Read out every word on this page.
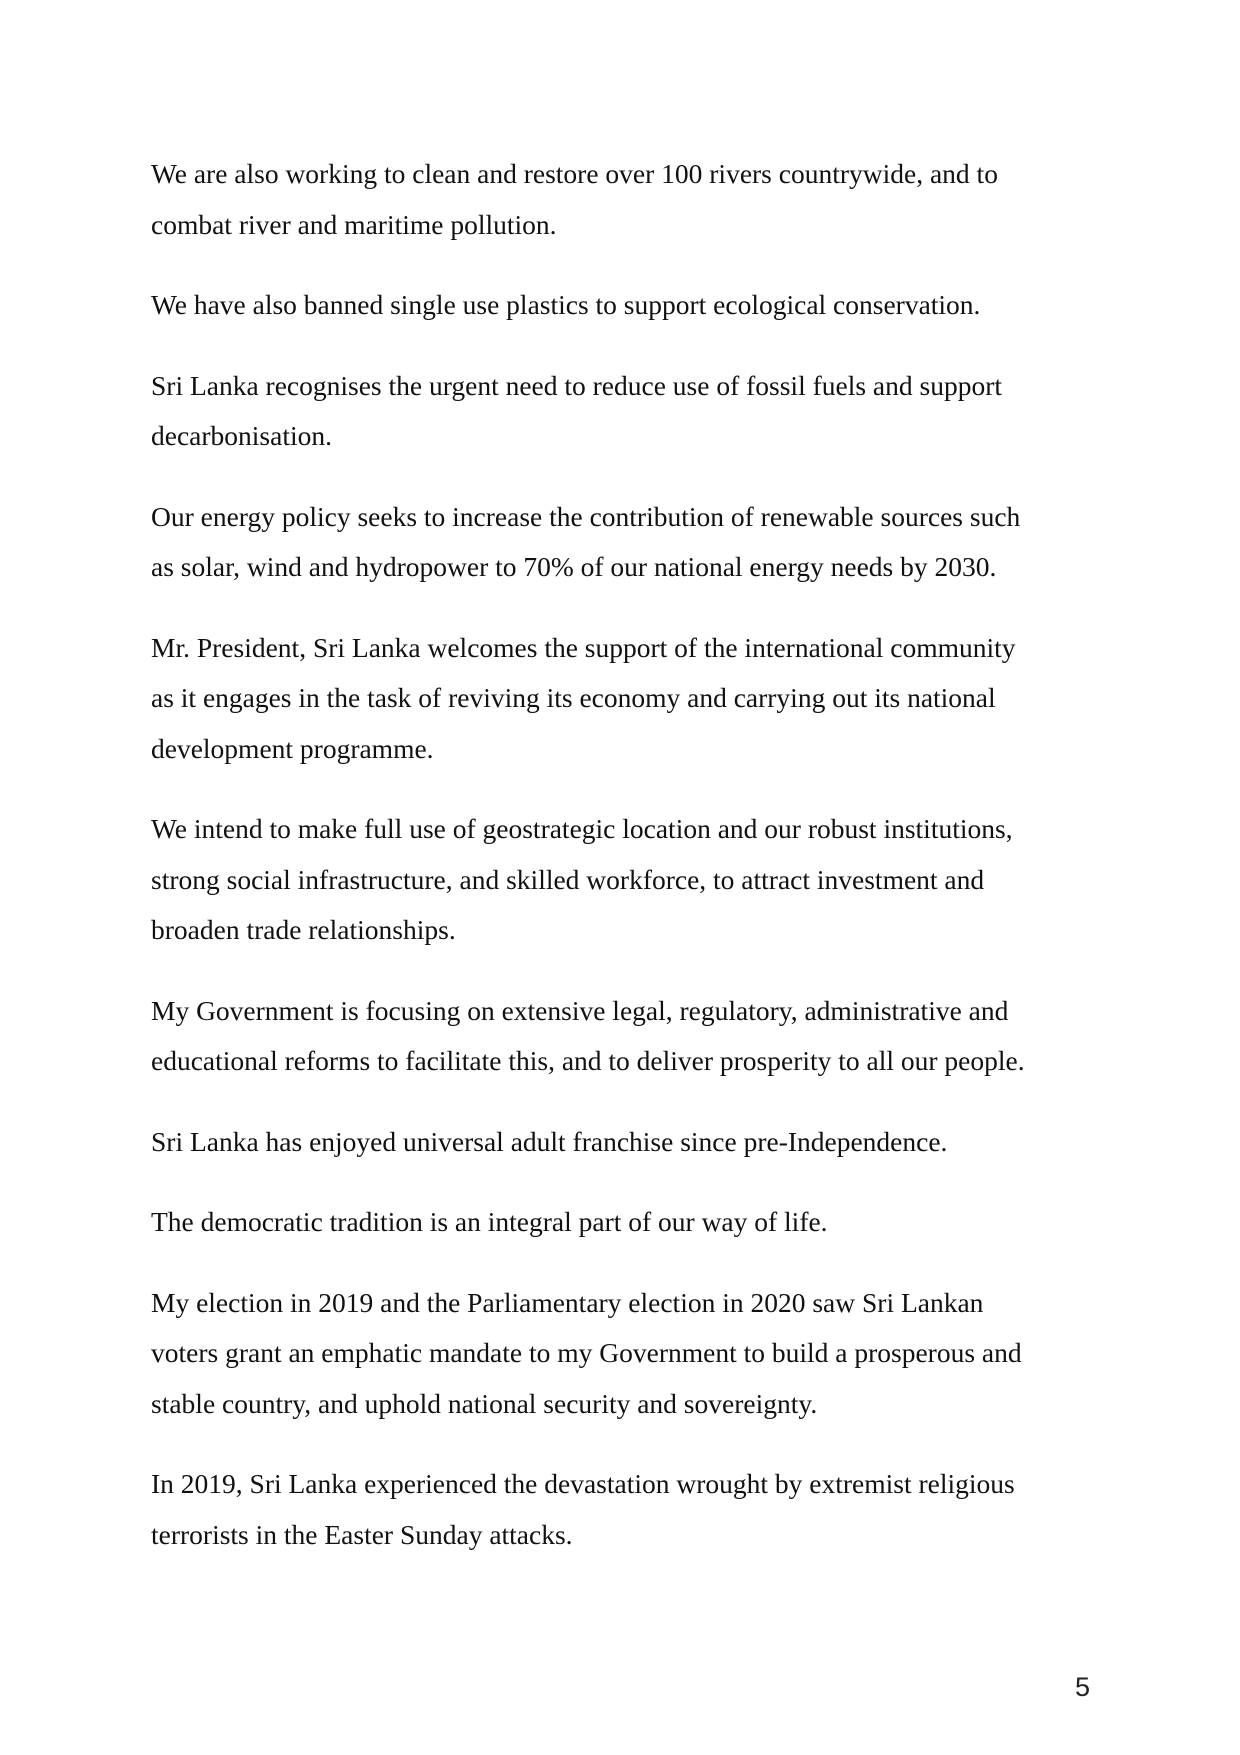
We are also working to clean and restore over 100 rivers countrywide, and to
combat river and maritime pollution.

We have also banned single use plastics to support ecological conservation.

Sri Lanka recognises the urgent need to reduce use of fossil fuels and support
decarbonisation.

Our energy policy seeks to increase the contribution of renewable sources such
as solar, wind and hydropower to 70% of our national energy needs by 2030.

Mr. President, Sri Lanka welcomes the support of the international community
as it engages in the task of reviving its economy and carrying out its national
development programme.

We intend to make full use of geostrategic location and our robust institutions,
strong social infrastructure, and skilled workforce, to attract investment and
broaden trade relationships.

My Government is focusing on extensive legal, regulatory, administrative and
educational reforms to facilitate this, and to deliver prosperity to all our people.

Sri Lanka has enjoyed universal adult franchise since pre-Independence.

The democratic tradition is an integral part of our way of life.

My election in 2019 and the Parliamentary election in 2020 saw Sri Lankan
voters grant an emphatic mandate to my Government to build a prosperous and
stable country, and uphold national security and sovereignty.

In 2019, Sri Lanka experienced the devastation wrought by extremist religious
terrorists in the Easter Sunday attacks.

5
